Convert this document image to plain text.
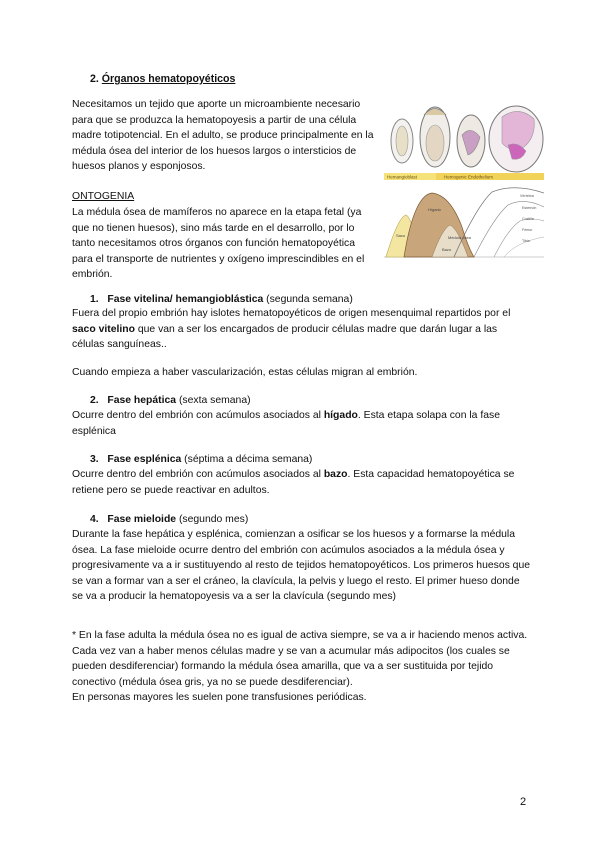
2. Órganos hematopoyéticos

Necesitamos un tejido que aporte un microambiente necesario para que se produzca la hematopoyesis a partir de una célula madre totipotencial. En el adulto, se produce principalmente en la médula ósea del interior de los huesos largos o intersticios de huesos planos y esponjosos.

ONTOGENIA

La médula ósea de mamíferos no aparece en la etapa fetal (ya que no tienen huesos), sino más tarde en el desarrollo, por lo tanto necesitamos otros órganos con función hematopoyética para el transporte de nutrientes y oxígeno imprescindibles en el embrión.

Hemangioblast	Hemogenic Endothelium
Saco	Médula ósea
Hígado
Bazo
Vértebra
Esternón
Costilla
Fémur
Tibia
1. Fase vitelina/ hemangioblástica (segunda semana)

Fuera del propio embrión hay islotes hematopoyéticos de origen mesenquimal repartidos por el saco vitelino que van a ser los encargados de producir células madre que darán lugar a las células sanguíneas..

Cuando empieza a haber vascularización, estas células migran al embrión.

2. Fase hepática (sexta semana)

Ocurre dentro del embrión con acúmulos asociados al hígado. Esta etapa solapa con la fase esplénica

3. Fase esplénica (séptima a décima semana)

Ocurre dentro del embrión con acúmulos asociados al bazo. Esta capacidad hematopoyética se retiene pero se puede reactivar en adultos.

4. Fase mieloide (segundo mes)

Durante la fase hepática y esplénica, comienzan a osificar se los huesos y a formarse la médula ósea. La fase mieloide ocurre dentro del embrión con acúmulos asociados a la médula ósea y progresivamente va a ir sustituyendo al resto de tejidos hematopoyéticos. Los primeros huesos que se van a formar van a ser el cráneo, la clavícula, la pelvis y luego el resto. El primer hueso donde se va a producir la hematopoyesis va a ser la clavícula (segundo mes)

* En la fase adulta la médula ósea no es igual de activa siempre, se va a ir haciendo menos activa. Cada vez van a haber menos células madre y se van a acumular más adipocitos (los cuales se pueden desdiferenciar) formando la médula ósea amarilla, que va a ser sustituida por tejido conectivo (médula ósea gris, ya no se puede desdiferenciar).

En personas mayores les suelen pone transfusiones periódicas.

2
